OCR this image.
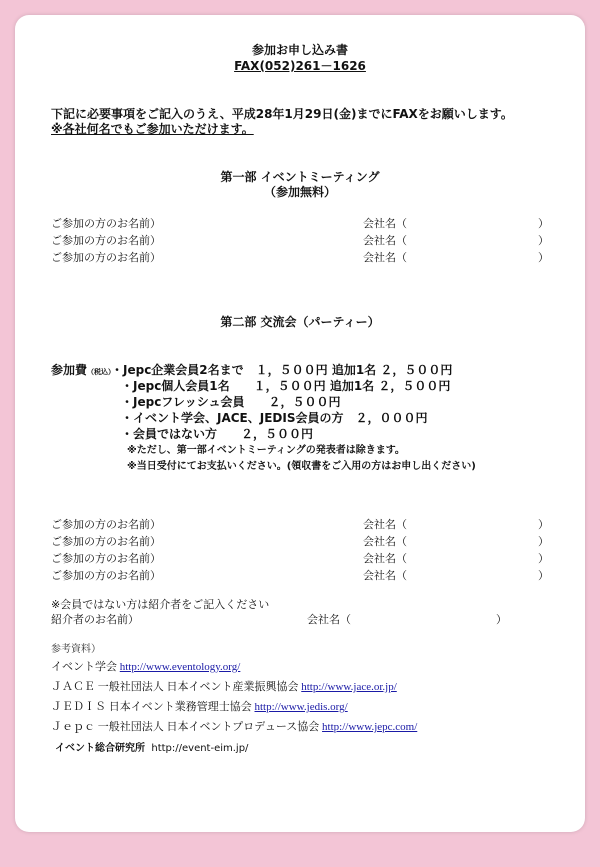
参加お申し込み書
FAX(052)261－1626
下記に必要事項をご記入のうえ、平成28年1月29日(金)までにFAXをお願いします。
※各社何名でもご参加いただけます。
第一部 イベントミーティング
（参加無料）
ご参加の方のお名前）	会社名（	）
ご参加の方のお名前）	会社名（	）
ご参加の方のお名前）	会社名（	）
第二部 交流会（パーティー）
参加費（税込）
・Jepc企業会員2名まで　１，５００円 追加1名 ２，５００円
・Jepc個人会員1名　　１，５００円 追加1名 ２，５００円
・Jepcフレッシュ会員　　２，５００円
・イベント学会、JACE、JEDIS会員の方　２，０００円
・会員ではない方　　２，５００円
※ただし、第一部イベントミーティングの発表者は除きます。
※当日受付にてお支払いください。(領収書をご入用の方はお申し出ください)
ご参加の方のお名前）	会社名（	）
ご参加の方のお名前）	会社名（	）
ご参加の方のお名前）	会社名（	）
ご参加の方のお名前）	会社名（	）
※会員ではない方は紹介者をご記入ください
紹介者のお名前）	会社名（	）
参考資料）
イベント学会 http://www.eventology.org/
ＪＡＣＥ 一般社団法人 日本イベント産業振興協会 http://www.jace.or.jp/
ＪＥＤＩＳ 日本イベント業務管理士協会 http://www.jedis.org/
Ｊｅｐｃ 一般社団法人 日本イベントプロデュース協会 http://www.jepc.com/
イベント総合研究所 http://event-eim.jp/
